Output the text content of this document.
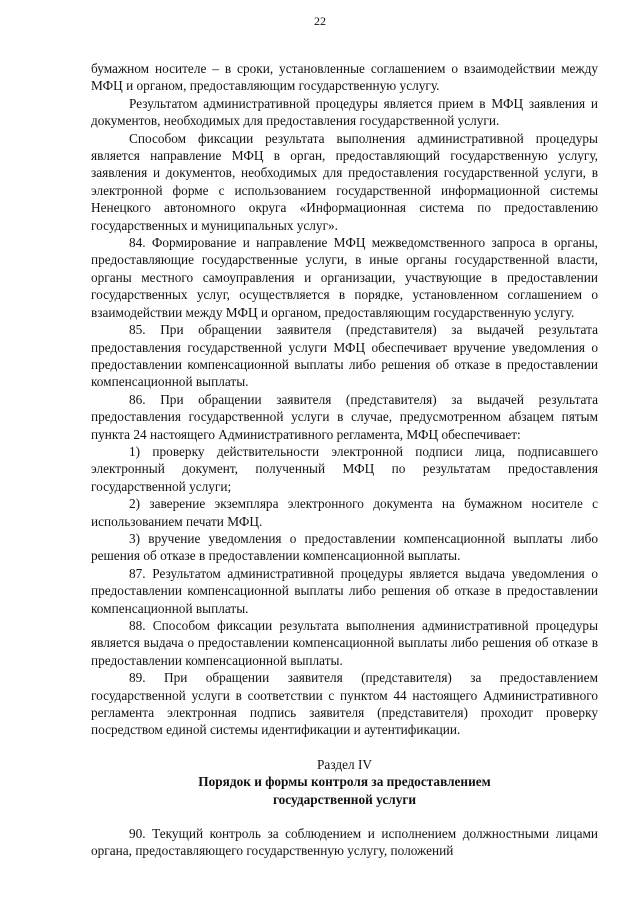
22

бумажном носителе – в сроки, установленные соглашением о взаимодействии между МФЦ и органом, предоставляющим государственную услугу.

Результатом административной процедуры является прием в МФЦ заявления и документов, необходимых для предоставления государственной услуги.

Способом фиксации результата выполнения административной процедуры является направление МФЦ в орган, предоставляющий государственную услугу, заявления и документов, необходимых для предоставления государственной услуги, в электронной форме с использованием государственной информационной системы Ненецкого автономного округа «Информационная система по предоставлению государственных и муниципальных услуг».

84. Формирование и направление МФЦ межведомственного запроса в органы, предоставляющие государственные услуги, в иные органы государственной власти, органы местного самоуправления и организации, участвующие в предоставлении государственных услуг, осуществляется в порядке, установленном соглашением о взаимодействии между МФЦ и органом, предоставляющим государственную услугу.

85. При обращении заявителя (представителя) за выдачей результата предоставления государственной услуги МФЦ обеспечивает вручение уведомления о предоставлении компенсационной выплаты либо решения об отказе в предоставлении компенсационной выплаты.

86. При обращении заявителя (представителя) за выдачей результата предоставления государственной услуги в случае, предусмотренном абзацем пятым пункта 24 настоящего Административного регламента, МФЦ обеспечивает:

1) проверку действительности электронной подписи лица, подписавшего электронный документ, полученный МФЦ по результатам предоставления государственной услуги;

2) заверение экземпляра электронного документа на бумажном носителе с использованием печати МФЦ.

3) вручение уведомления о предоставлении компенсационной выплаты либо решения об отказе в предоставлении компенсационной выплаты.

87. Результатом административной процедуры является выдача уведомления о предоставлении компенсационной выплаты либо решения об отказе в предоставлении компенсационной выплаты.

88. Способом фиксации результата выполнения административной процедуры является выдача о предоставлении компенсационной выплаты либо решения об отказе в предоставлении компенсационной выплаты.

89. При обращении заявителя (представителя) за предоставлением государственной услуги в соответствии с пунктом 44 настоящего Административного регламента электронная подпись заявителя (представителя) проходит проверку посредством единой системы идентификации и аутентификации.

Раздел IV
Порядок и формы контроля за предоставлением государственной услуги

90. Текущий контроль за соблюдением и исполнением должностными лицами органа, предоставляющего государственную услугу, положений
